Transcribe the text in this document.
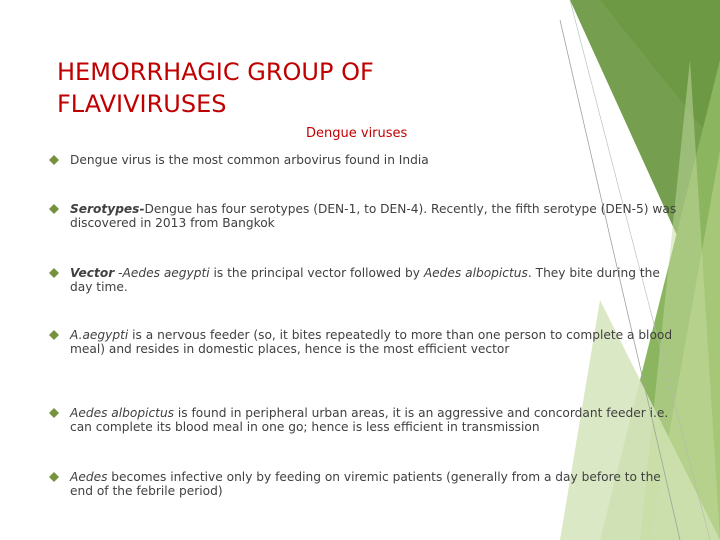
HEMORRHAGIC GROUP OF FLAVIVIRUSES
Dengue viruses
Dengue virus is the most common arbovirus found in India
Serotypes-Dengue has four serotypes (DEN-1, to DEN-4). Recently, the fifth serotype (DEN-5) was discovered in 2013 from Bangkok
Vector -Aedes aegypti is the principal vector followed by Aedes albopictus. They bite during the day time.
A.aegypti is a nervous feeder (so, it bites repeatedly to more than one person to complete a blood meal) and resides in domestic places, hence is the most efficient vector
Aedes albopictus is found in peripheral urban areas, it is an aggressive and concordant feeder i.e. can complete its blood meal in one go; hence is less efficient in transmission
Aedes becomes infective only by feeding on viremic patients (generally from a day before to the end of the febrile period)
